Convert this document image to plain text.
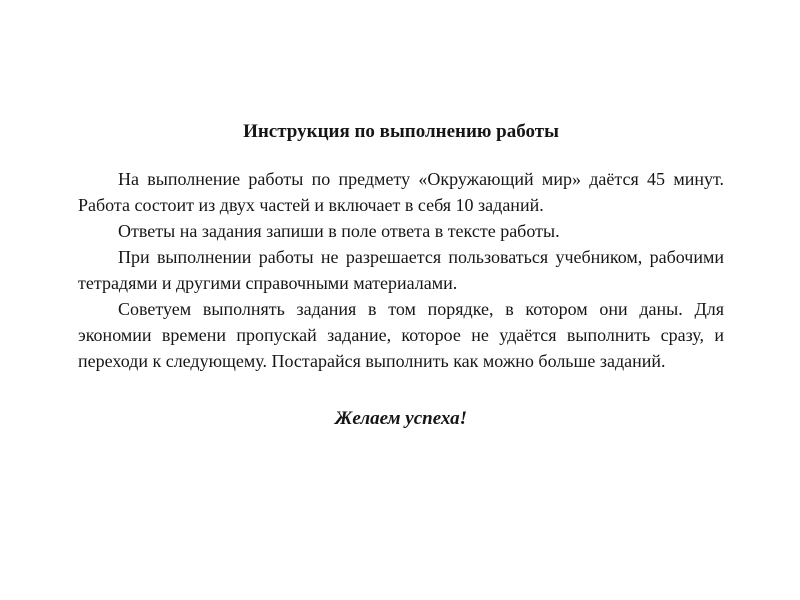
Инструкция по выполнению работы

На выполнение работы по предмету «Окружающий мир» даётся 45 минут. Работа состоит из двух частей и включает в себя 10 заданий.

Ответы на задания запиши в поле ответа в тексте работы.

При выполнении работы не разрешается пользоваться учебником, рабочими тетрадями и другими справочными материалами.

Советуем выполнять задания в том порядке, в котором они даны. Для экономии времени пропускай задание, которое не удаётся выполнить сразу, и переходи к следующему. Постарайся выполнить как можно больше заданий.

Желаем успеха!
